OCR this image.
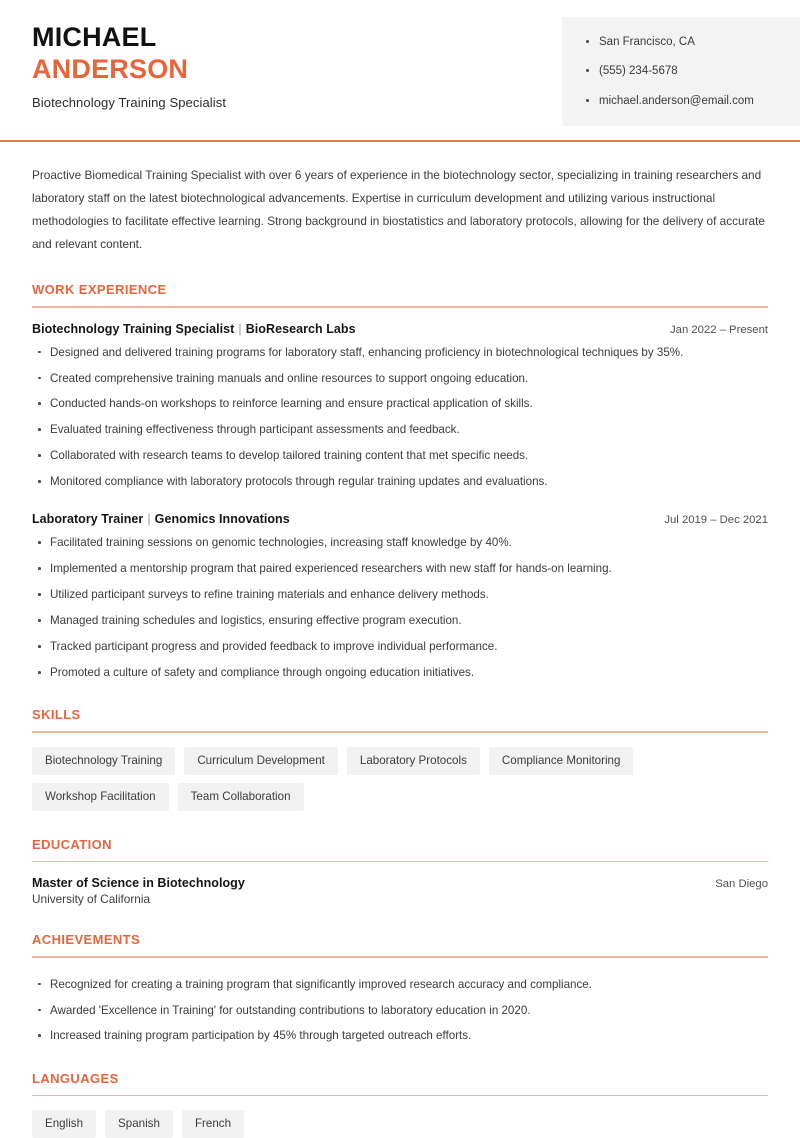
MICHAEL
ANDERSON
Biotechnology Training Specialist
San Francisco, CA
(555) 234-5678
michael.anderson@email.com

Proactive Biomedical Training Specialist with over 6 years of experience in the biotechnology sector, specializing in training researchers and laboratory staff on the latest biotechnological advancements. Expertise in curriculum development and utilizing various instructional methodologies to facilitate effective learning. Strong background in biostatistics and laboratory protocols, allowing for the delivery of accurate and relevant content.

WORK EXPERIENCE
Biotechnology Training Specialist | BioResearch Labs	Jan 2022 – Present
Designed and delivered training programs for laboratory staff, enhancing proficiency in biotechnological techniques by 35%.
Created comprehensive training manuals and online resources to support ongoing education.
Conducted hands-on workshops to reinforce learning and ensure practical application of skills.
Evaluated training effectiveness through participant assessments and feedback.
Collaborated with research teams to develop tailored training content that met specific needs.
Monitored compliance with laboratory protocols through regular training updates and evaluations.
Laboratory Trainer | Genomics Innovations	Jul 2019 – Dec 2021
Facilitated training sessions on genomic technologies, increasing staff knowledge by 40%.
Implemented a mentorship program that paired experienced researchers with new staff for hands-on learning.
Utilized participant surveys to refine training materials and enhance delivery methods.
Managed training schedules and logistics, ensuring effective program execution.
Tracked participant progress and provided feedback to improve individual performance.
Promoted a culture of safety and compliance through ongoing education initiatives.
SKILLS
Biotechnology Training	Curriculum Development	Laboratory Protocols	Compliance Monitoring
Workshop Facilitation	Team Collaboration
EDUCATION
Master of Science in Biotechnology	San Diego
University of California
ACHIEVEMENTS
Recognized for creating a training program that significantly improved research accuracy and compliance.
Awarded 'Excellence in Training' for outstanding contributions to laboratory education in 2020.
Increased training program participation by 45% through targeted outreach efforts.
LANGUAGES
English	Spanish	French
